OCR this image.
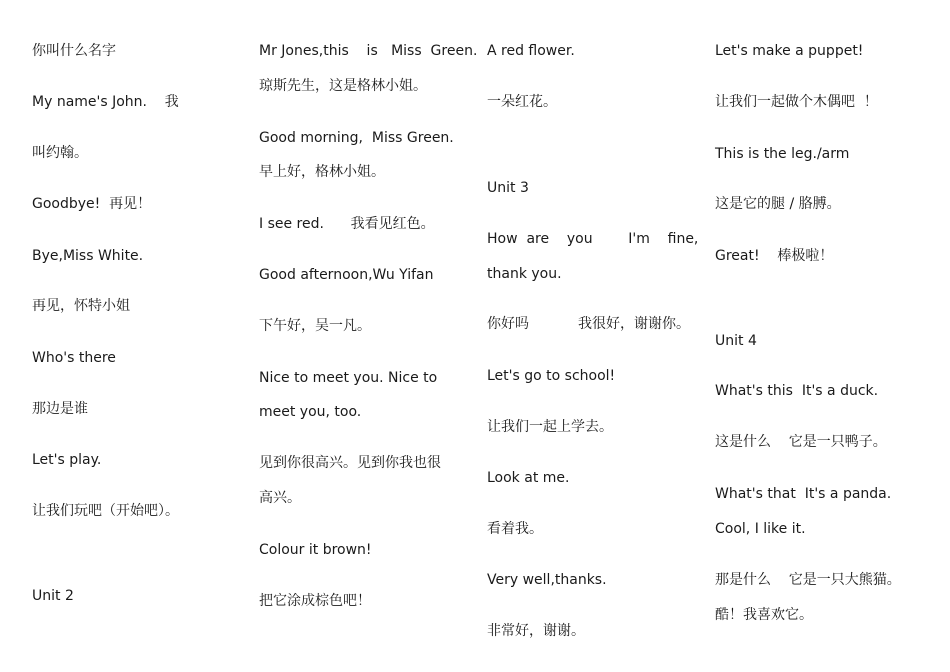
你叫什么名字
My name's John.    我
叫约翰。
Goodbye!  再见！
Bye,Miss White.
再见，怀特小姐
Who's there
那边是谁
Let's play.
让我们玩吧（开始吧）。
Unit 2
Mr Jones,this    is   Miss  Green.
琼斯先生，这是格林小姐。
Good morning,  Miss Green.
早上好，格林小姐。
I see red.      我看见红色。
Good afternoon,Wu Yifan
下午好，吴一凡。
Nice to meet you. Nice to
meet you, too.
见到你很高兴。见到你我也很
高兴。
Colour it brown!
把它涂成棕色吧！
A red flower.
一朵红花。
Unit 3
How  are    you        I'm    fine,
thank you.
你好吗           我很好，谢谢你。
Let's go to school!
让我们一起上学去。
Look at me.
看着我。
Very well,thanks.
非常好，谢谢。
Let's make a puppet!
让我们一起做个木偶吧  ！
This is the leg./arm
这是它的腿 / 胳膊。
Great!    棒极啦！
Unit 4
What's this  It's a duck.
这是什么    它是一只鸭子。
What's that  It's a panda.
Cool, I like it.
那是什么    它是一只大熊猫。
酷！我喜欢它。
